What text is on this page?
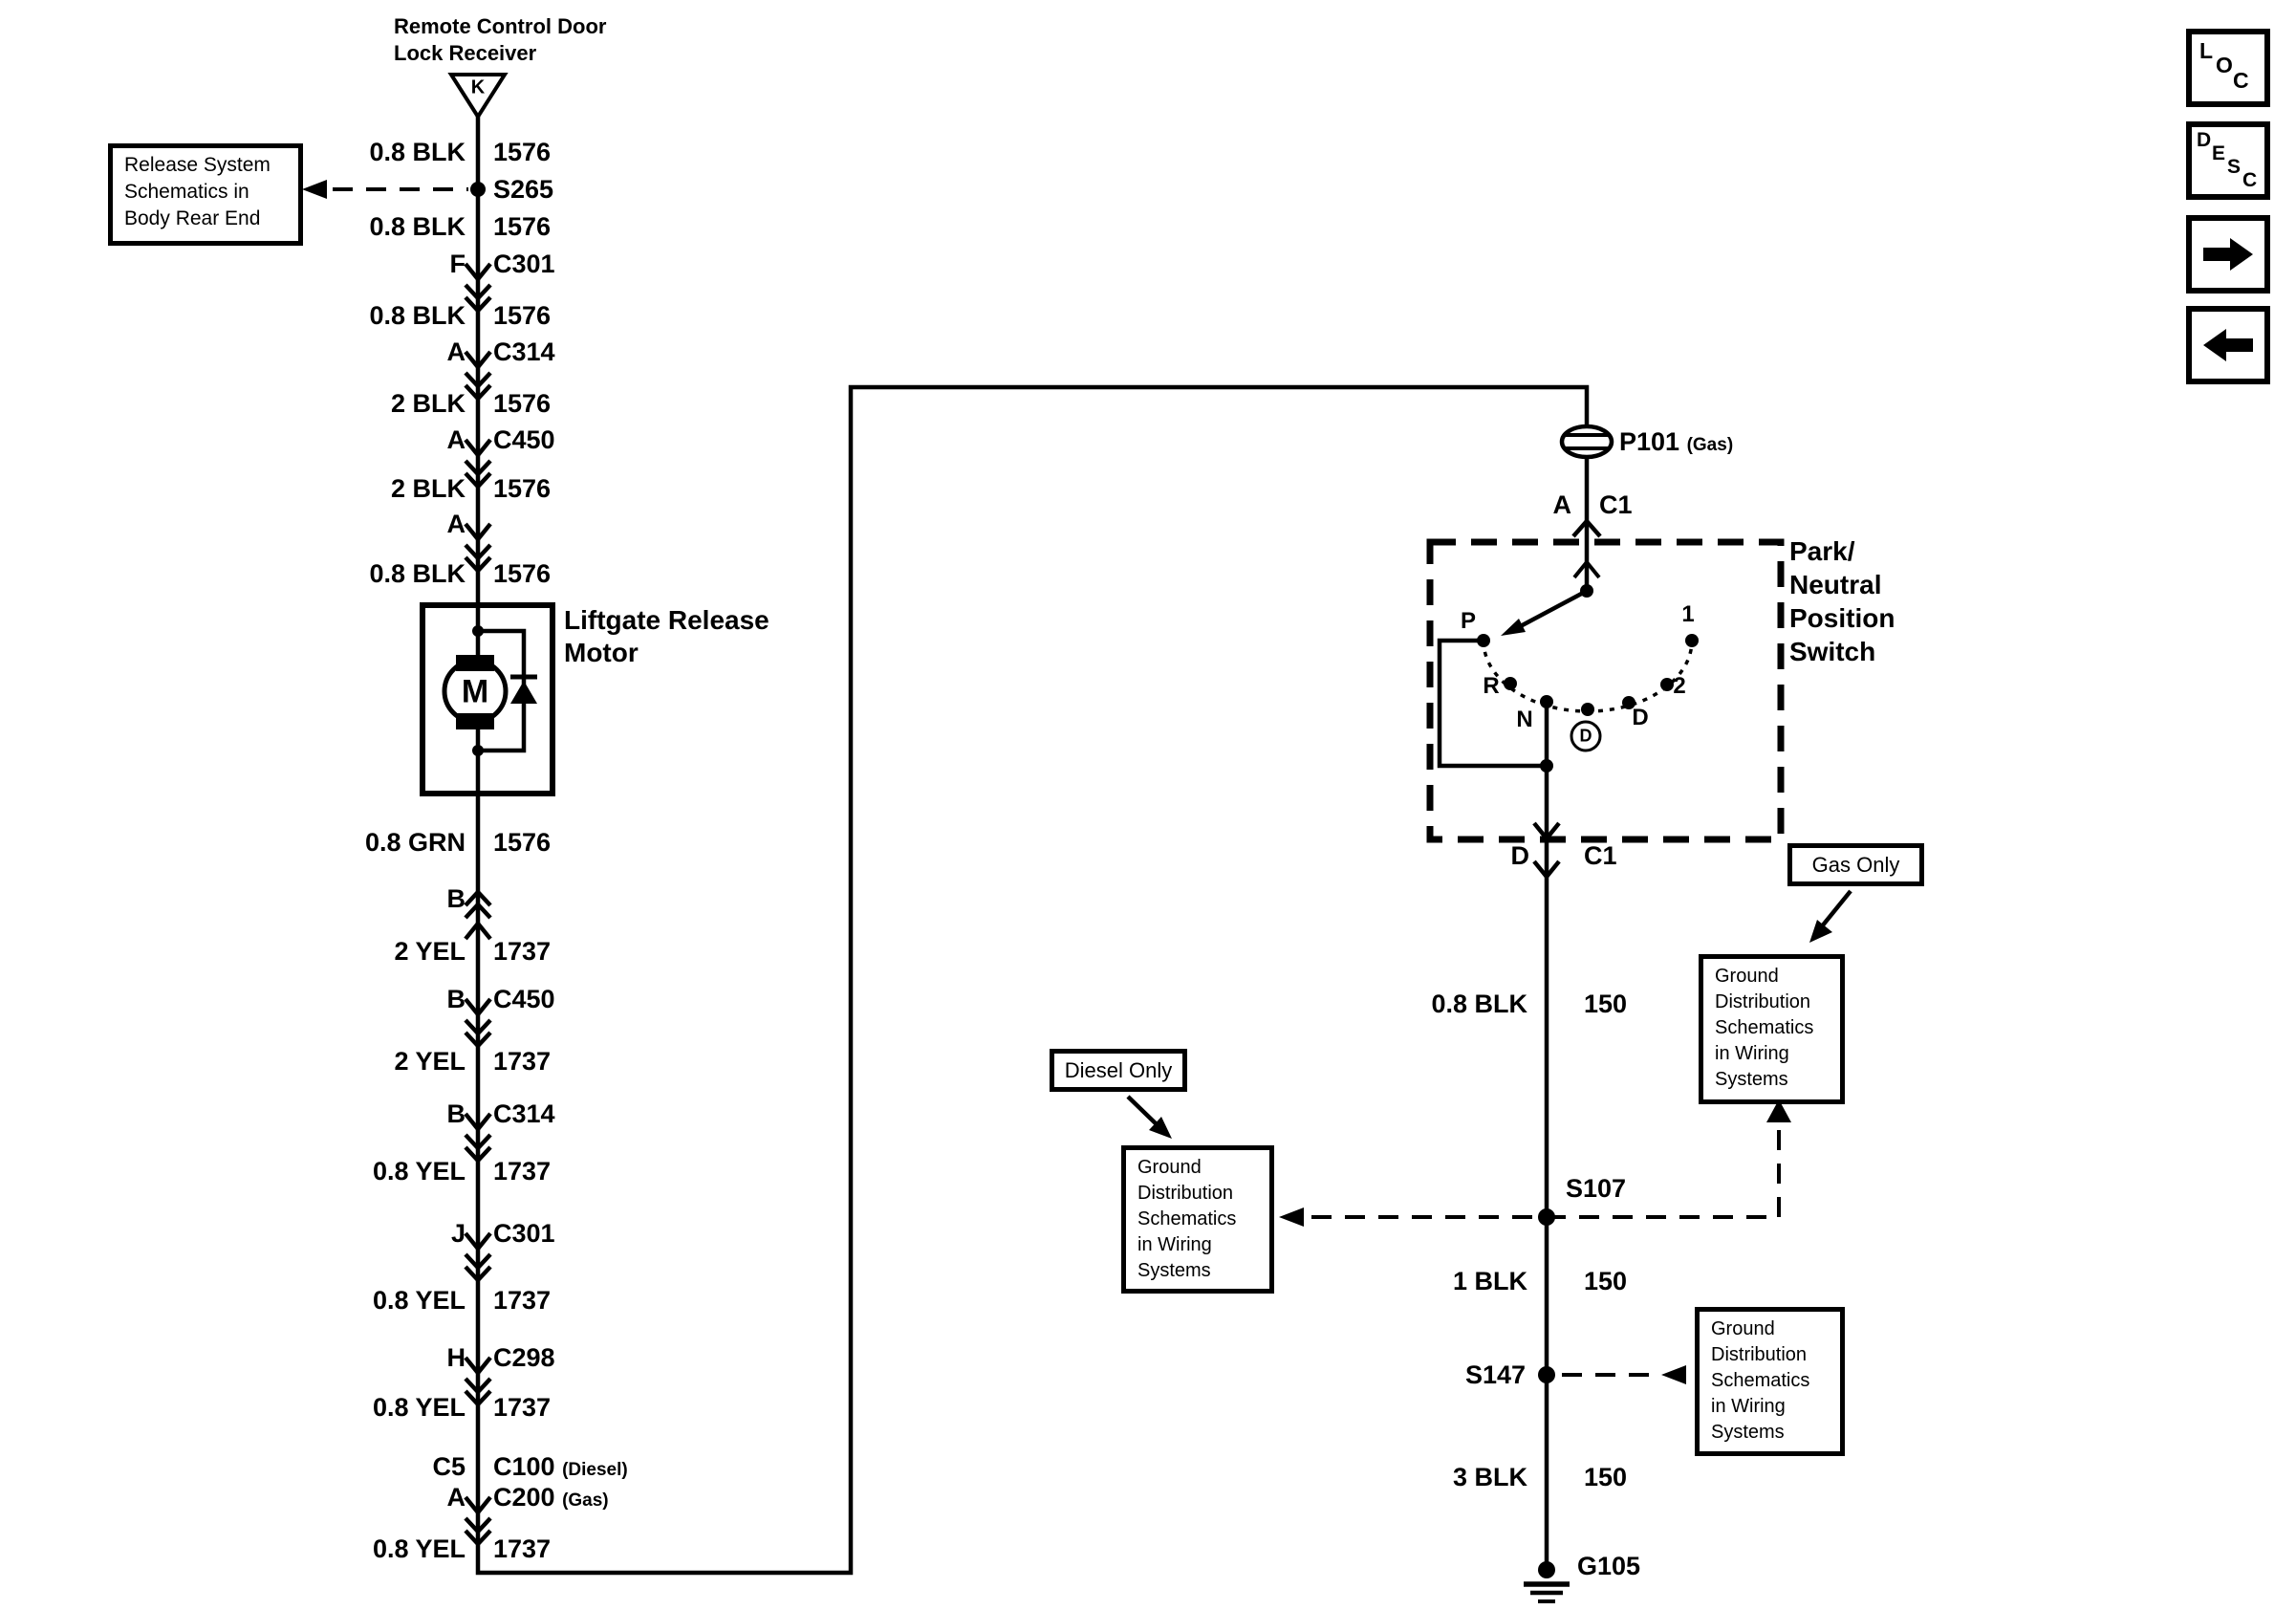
Remote Control Door
Lock Receiver
K
Release System
Schematics in
Body Rear End
0.8 BLK 1576
S265
0.8 BLK 1576
F C301
0.8 BLK 1576
A C314
2 BLK 1576
A C450
2 BLK 1576
A
0.8 BLK 1576
0.8 GRN 1576
B
2 YEL 1737
B C450
2 YEL 1737
B C314
0.8 YEL 1737
J C301
0.8 YEL 1737
H C298
0.8 YEL 1737
C5 C100 (Diesel)
A C200 (Gas)
0.8 YEL 1737
Liftgate Release
Motor
M
P101 (Gas)
A C1
Park/
Neutral
Position
Switch
P
R
N
D
D
2
1
D C1
0.8 BLK 150
S107
1 BLK 150
S147
3 BLK 150
G105
Gas Only
Diesel Only
Ground
Distribution
Schematics
in Wiring
Systems
Ground
Distribution
Schematics
in Wiring
Systems
Ground
Distribution
Schematics
in Wiring
Systems
L
O
C
D
E
S
C
